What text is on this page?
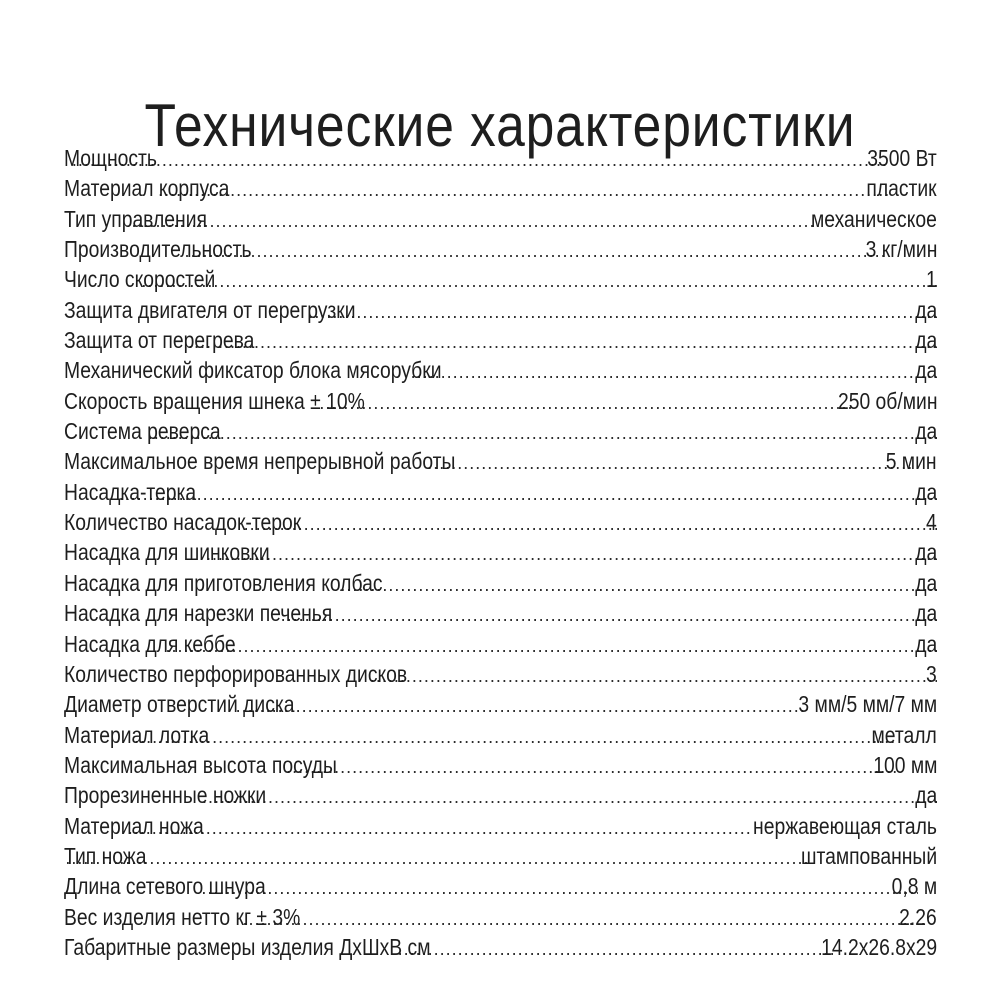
Технические характеристики
Мощность .....	3500 Вт
Материал корпуса .....	пластик
Тип управления .....	механическое
Производительность .....	3 кг/мин
Число скоростей .....	1
Защита двигателя от перегрузки .....	да
Защита от перегрева .....	да
Механический фиксатор блока мясорубки .....	да
Скорость вращения шнека ± 10% .....	250 об/мин
Система реверса .....	да
Максимальное время непрерывной работы .....	5 мин
Насадка-терка .....	да
Количество насадок-терок .....	4
Насадка для шинковки .....	да
Насадка для приготовления колбас .....	да
Насадка для нарезки печенья .....	да
Насадка для кеббе .....	да
Количество перфорированных дисков .....	3
Диаметр отверстий диска .....	3 мм/5 мм/7 мм
Материал лотка .....	металл
Максимальная высота посуды .....	100 мм
Прорезиненные ножки .....	да
Материал ножа .....	нержавеющая сталь
Тип ножа .....	штампованный
Длина сетевого шнура .....	0,8 м
Вес изделия нетто кг ± 3% .....	2.26
Габаритные размеры изделия ДхШхВ см .....	14.2x26.8x29
